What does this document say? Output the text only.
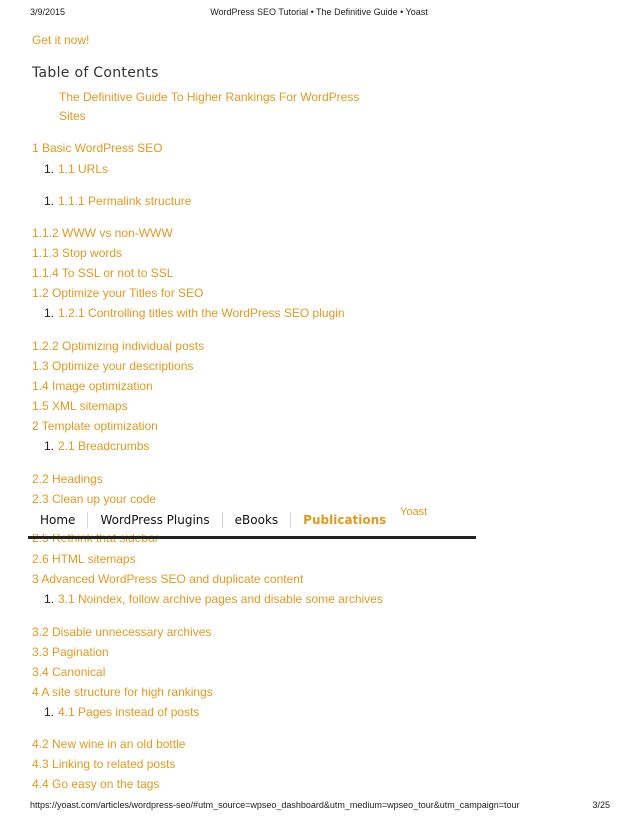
3/9/2015	WordPress SEO Tutorial • The Definitive Guide • Yoast
Get it now!
Table of Contents
The Definitive Guide To Higher Rankings For WordPress Sites
1 Basic WordPress SEO
1. 1.1 URLs
1. 1.1.1 Permalink structure
1.1.2 WWW vs non-WWW
1.1.3 Stop words
1.1.4 To SSL or not to SSL
1.2 Optimize your Titles for SEO
1. 1.2.1 Controlling titles with the WordPress SEO plugin
1.2.2 Optimizing individual posts
1.3 Optimize your descriptions
1.4 Image optimization
1.5 XML sitemaps
2 Template optimization
1. 2.1 Breadcrumbs
2.2 Headings
2.3 Clean up your code
2.6 HTML sitemaps
3 Advanced WordPress SEO and duplicate content
1. 3.1 Noindex, follow archive pages and disable some archives
3.2 Disable unnecessary archives
3.3 Pagination
3.4 Canonical
4 A site structure for high rankings
1. 4.1 Pages instead of posts
4.2 New wine in an old bottle
4.3 Linking to related posts
4.4 Go easy on the tags
Home	WordPress Plugins	eBooks	Publications
Yoast
https://yoast.com/articles/wordpress-seo/#utm_source=wpseo_dashboard&utm_medium=wpseo_tour&utm_campaign=tour	3/25
